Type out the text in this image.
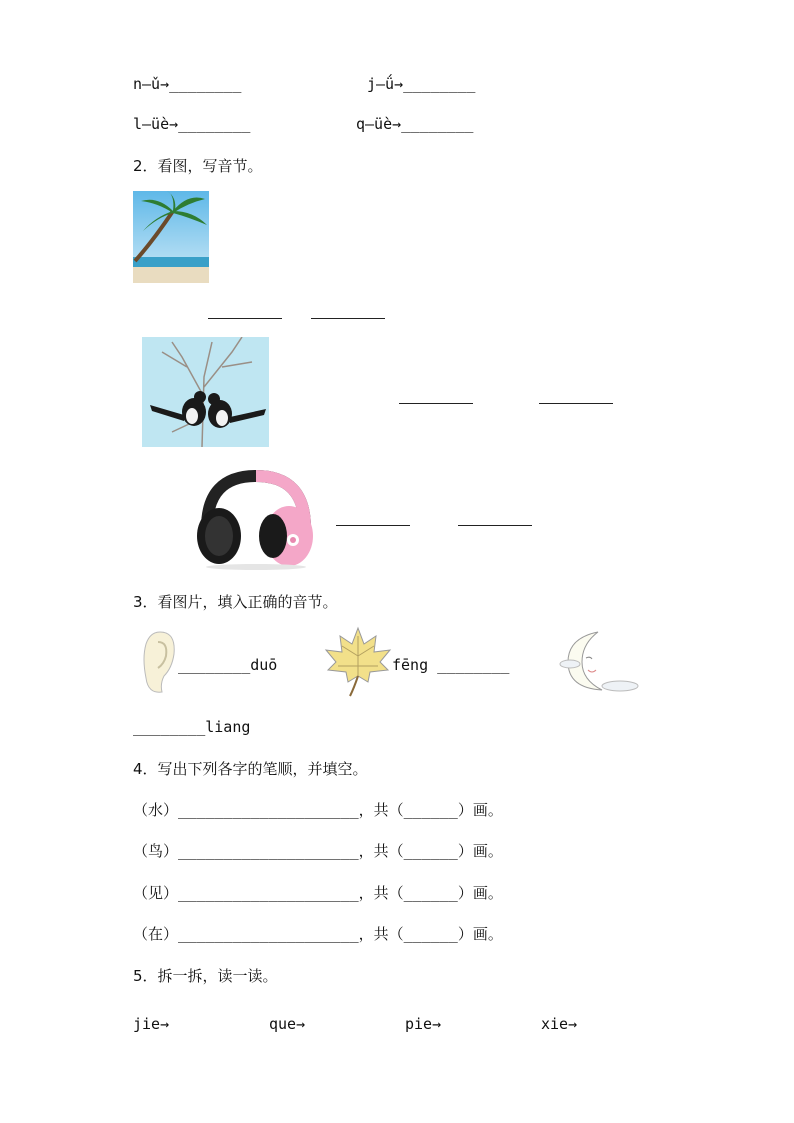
n—ǔ→________	j—ǘ→________
l—üè→________	q—üè→________
2．看图，写音节。
3．看图片，填入正确的音节。
________duō	fēng ________
________liang
4．写出下列各字的笔顺，并填空。
（水）____________________，共（______）画。
（鸟）____________________，共（______）画。
（见）____________________，共（______）画。
（在）____________________，共（______）画。
5．拆一拆，读一读。
jie→	que→	pie→	xie→
